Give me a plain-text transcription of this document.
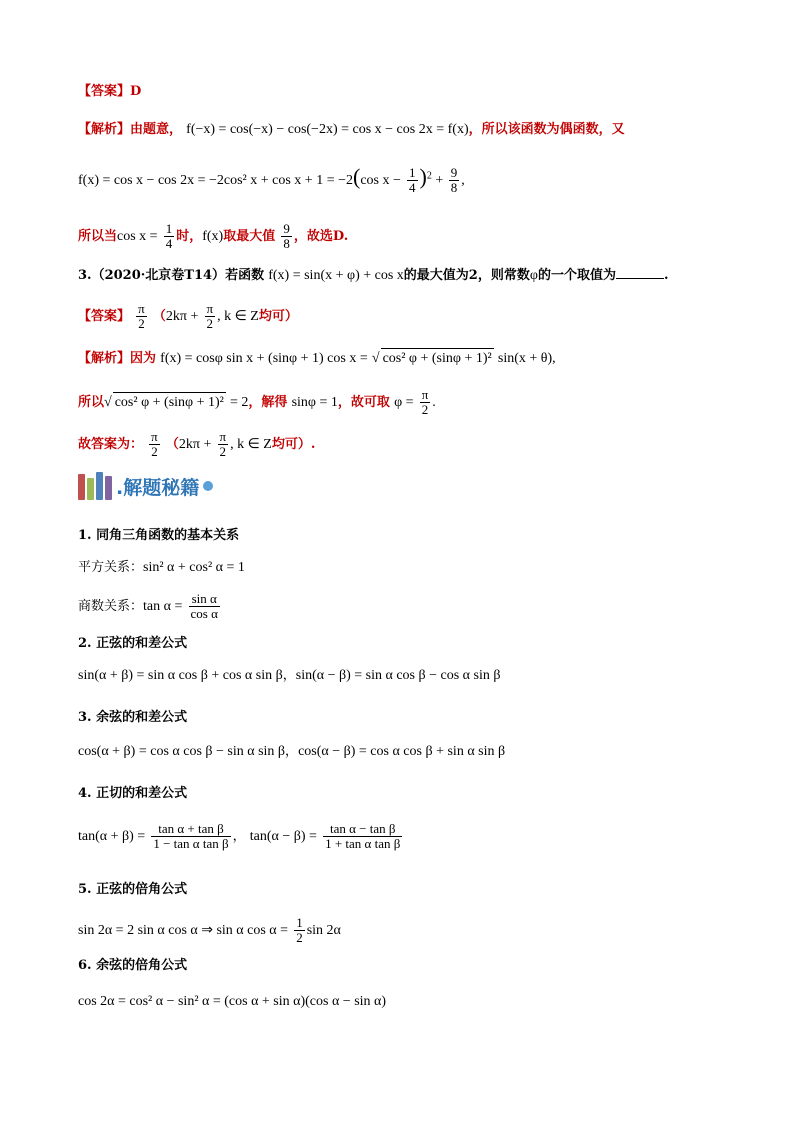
【答案】D
【解析】由题意， f(−x) = cos(−x) − cos(−2x) = cos x − cos 2x = f(x)，所以该函数为偶函数，又
f(x) = cos x − cos 2x = −2cos² x + cos x + 1 = −2(cos $x - \frac{1}{4} )^2 + \frac{9}{8}$ ,
所以当$\cos x = \frac{1}{4}$ 时，f(x)取最大值 $\frac{9}{8}$ ，故选D.
3.（2020·北京卷T14）若函数 f(x) = sin(x + φ) + cos x的最大值为2，则常数φ的一个取值为	.
【答案】 $\frac{\pi}{2} (2k\pi + \frac{\pi}{2}$ , k ∈ Z均可）
【解析】因为 f(x) = cosφ sin x + (sinφ + 1) cos x = √ cos² φ + (sinφ + 1)² sin(x + θ),
所以√ cos² φ + (sinφ + 1)² = 2，解得 sinφ = 1，故可取 $\varphi = \frac{\pi}{2}$ .
故答案为： $\frac{\pi}{2} (2k\pi + \frac{\pi}{2}$ , k ∈ Z均可）.
.解题秘籍
1. 同角三角函数的基本关系
平方关系：sin² α + cos² α = 1
商数关系：$\tan \alpha = \frac{\text{sin α}}{\text{cos α}}$
2. 正弦的和差公式
sin(α + β) = sin α cos β + cos α sin β，sin(α − β) = sin α cos β − cos α sin β
3. 余弦的和差公式
cos(α + β) = cos α cos β − sin α sin β，cos(α − β) = cos α cos β + sin α sin β
4. 正切的和差公式
$\tan(\alpha + \beta) = \frac{\text{tan α + tan β}}{\text{1 − tan α tan β}}$ ， $\tan(\alpha - \beta) = \frac{\text{tan α − tan β}}{\text{1 + tan α tan β}}$
5. 正弦的倍角公式
sin 2α = 2 sin α cos α ⇒ sin α $\cos \alpha = \frac{1}{2}$ sin 2α
6. 余弦的倍角公式
cos 2α = cos² α − sin² α = (cos α + sin α)(cos α − sin α)
